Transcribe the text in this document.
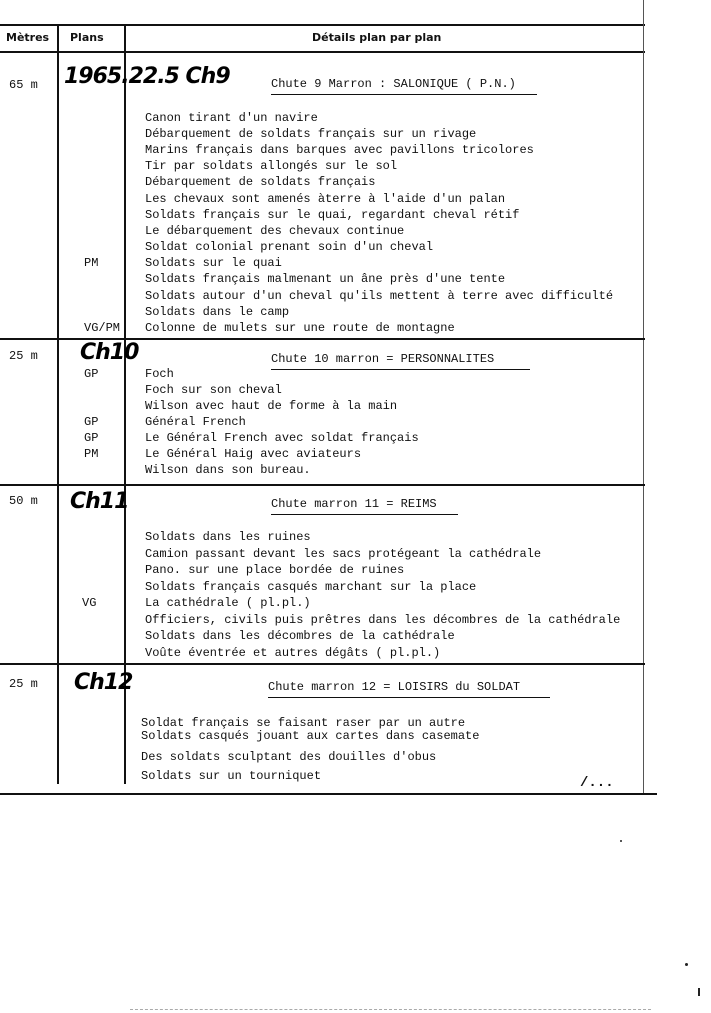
Mètres Plans	Détails plan par plan
65 m 1965.22.5 Ch9	Chute 9 Marron : SALONIQUE ( P.N.)
Canon tirant d'un navire
Débarquement de soldats français sur un rivage
Marins français dans barques avec pavillons tricolores
Tir par soldats allongés sur le sol
Débarquement de soldats français
Les chevaux sont amenés àterre à l'aide d'un palan
Soldats français sur le quai, regardant cheval rétif
Le débarquement des chevaux continue
Soldat colonial prenant soin d'un cheval
PM	Soldats sur le quai
Soldats français malmenant un âne près d'une tente
Soldats autour d'un cheval qu'ils mettent à terre avec difficulté
Soldats dans le camp
VG/PM Colonne de mulets sur une route de montagne
25 m Ch10	Chute 10 marron = PERSONNALITES
GP	Foch
Foch sur son cheval
Wilson avec haut de forme à la main
GP	Général French
GP	Le Général French avec soldat français
PM	Le Général Haig avec aviateurs
Wilson dans son bureau.
50 m Ch11	Chute marron 11 = REIMS
Soldats dans les ruines
Camion passant devant les sacs protégeant la cathédrale
Pano. sur une place bordée de ruines
Soldats français casqués marchant sur la place
VG	La cathédrale ( pl.pl.)
Officiers, civils puis prêtres dans les décombres de la cathédrale
Soldats dans les décombres de la cathédrale
Voûte éventrée et autres dégâts ( pl.pl.)
25 m Ch12	Chute marron 12 = LOISIRS du SOLDAT
Soldat français se faisant raser par un autre
Soldats casqués jouant aux cartes dans casemate
Des soldats sculptant des douilles d'obus
Soldats sur un tourniquet	/...
